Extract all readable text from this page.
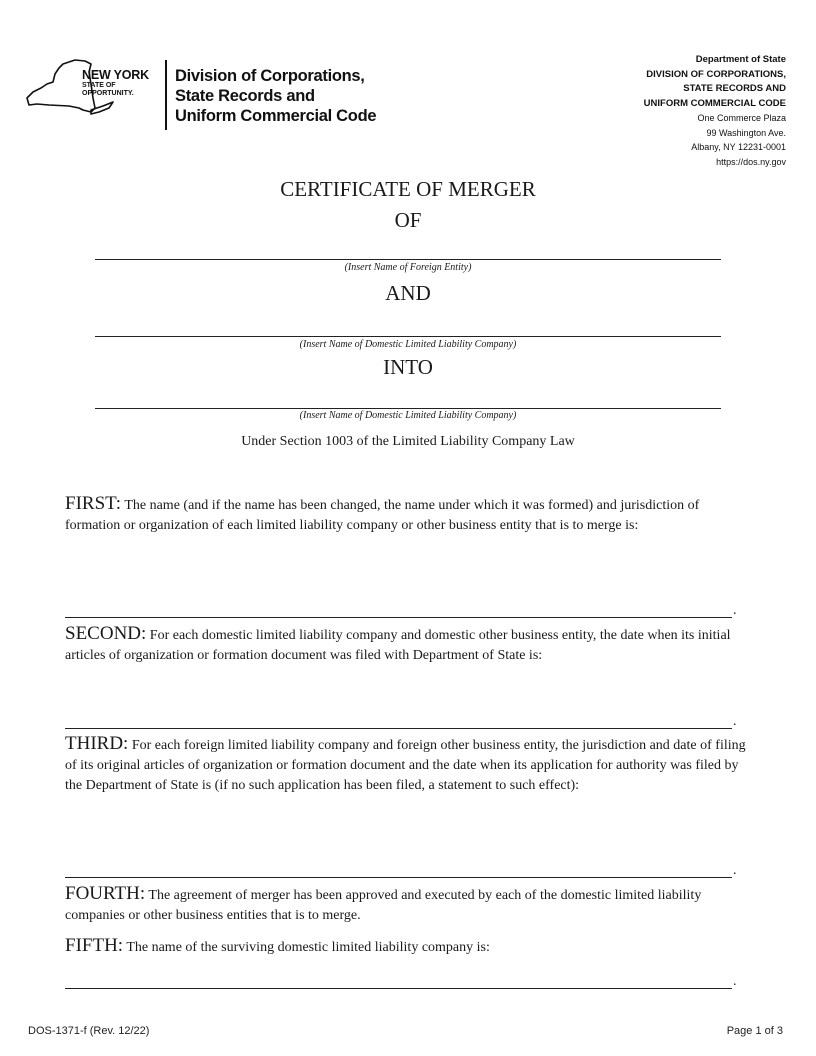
NEW YORK
STATE OF OPPORTUNITY.
Division of Corporations,
State Records and
Uniform Commercial Code
Department of State
DIVISION OF CORPORATIONS,
STATE RECORDS AND
UNIFORM COMMERCIAL CODE
One Commerce Plaza
99 Washington Ave.
Albany, NY 12231-0001
https://dos.ny.gov
CERTIFICATE OF MERGER
OF
(Insert Name of Foreign Entity)
AND
(Insert Name of Domestic Limited Liability Company)
INTO
(Insert Name of Domestic Limited Liability Company)
Under Section 1003 of the Limited Liability Company Law
FIRST: The name (and if the name has been changed, the name under which it was formed) and jurisdiction of formation or organization of each limited liability company or other business entity that is to merge is:
.
SECOND: For each domestic limited liability company and domestic other business entity, the date when its initial articles of organization or formation document was filed with Department of State is:
.
THIRD: For each foreign limited liability company and foreign other business entity, the jurisdiction and date of filing of its original articles of organization or formation document and the date when its application for authority was filed by the Department of State is (if no such application has been filed, a statement to such effect):
.
FOURTH: The agreement of merger has been approved and executed by each of the domestic limited liability companies or other business entities that is to merge.
FIFTH: The name of the surviving domestic limited liability company is:
.
DOS-1371-f (Rev. 12/22)	Page 1 of 3
